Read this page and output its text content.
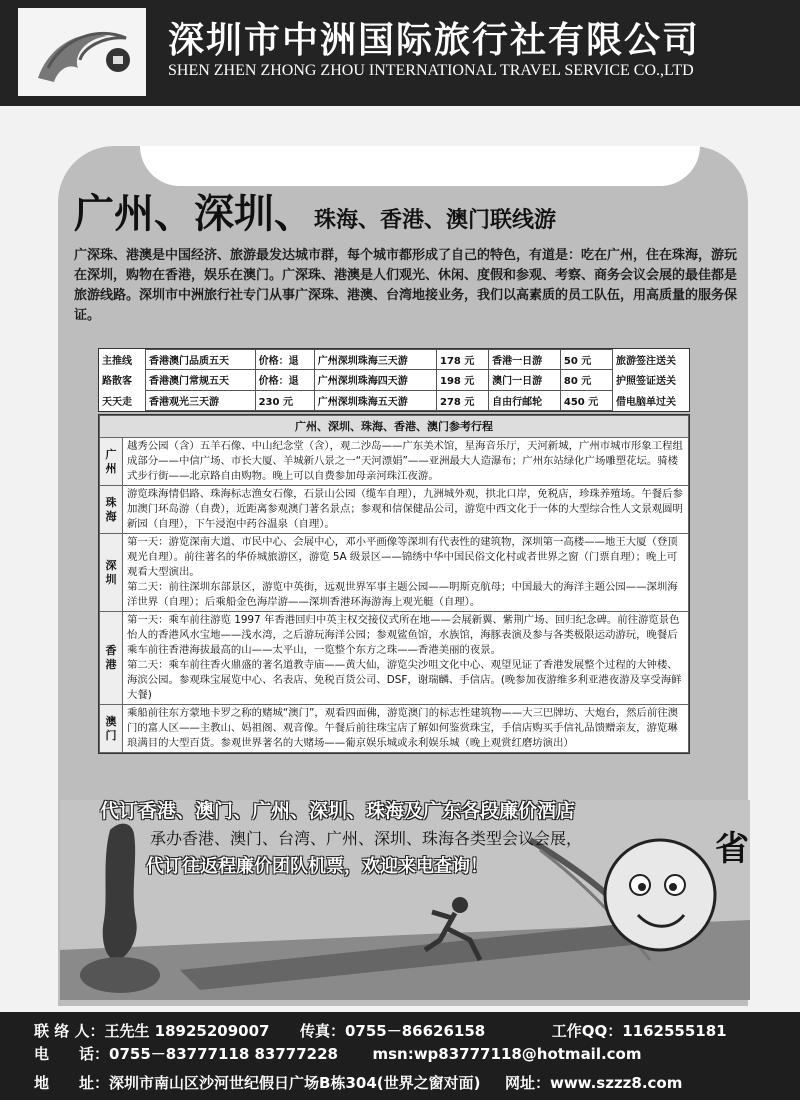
深圳市中洲国际旅行社有限公司
SHEN ZHEN ZHONG ZHOU INTERNATIONAL TRAVEL SERVICE CO.,LTD
广州、深圳、珠海、香港、澳门联线游

广深珠、港澳是中国经济、旅游最发达城市群，每个城市都形成了自己的特色，有道是：吃在广州，住在珠海，游玩在深圳，购物在香港，娱乐在澳门。广深珠、港澳是人们观光、休闲、度假和参观、考察、商务会议会展的最佳都是旅游线路。深圳市中洲旅行社专门从事广深珠、港澳、台湾地接业务，我们以高素质的员工队伍，用高质量的服务保证。

主推线	香港澳门品质五天	价格：退	广州深圳珠海三天游	178 元	香港一日游	50 元	旅游签注送关
路散客	香港澳门常规五天	价格：退	广州深圳珠海四天游	198 元	澳门一日游	80 元	护照签证送关
天天走	香港观光三天游	230 元	广州深圳珠海五天游	278 元	自由行邮轮	450 元	借电脑单过关
广州、深圳、珠海、香港、澳门参考行程	
广州	越秀公园（含）五羊石像、中山纪念堂（含），观二沙岛——广东美术馆，星海音乐厅，天河新城，广州市城市形象工程组成部分——中信广场、市长大厦、羊城新八景之一“天河漂娟”——亚洲最大人造瀑布；广州东站绿化广场雕塑花坛。骑楼式步行街——北京路自由购物。晚上可以自费参加母亲河珠江夜游。

珠海	游览珠海情侣路、珠海标志渔女石像，石景山公园（缆车自理），九洲城外观，拱北口岸，免税店，珍珠养殖场。午餐后参加澳门环岛游（自费），近距离参观澳门著名景点；参观和信保健品公司，游览中西文化于一体的大型综合性人文景观圆明新园（自理），下午浸泡中药谷温泉（自理）。

深圳	第一天：游览深南大道、市民中心、会展中心，邓小平画像等深圳有代表性的建筑物，深圳第一高楼——地王大厦（登顶观光自理）。前往著名的华侨城旅游区，游览 5A 级景区——锦绣中华中国民俗文化村或者世界之窗（门票自理）；晚上可观看大型演出。

第二天：前往深圳东部景区，游览中英街，远观世界军事主题公园——明斯克航母；中国最大的海洋主题公园——深圳海洋世界（自理）；后乘船金色海岸游——深圳香港环海游海上观光艇（自理）。

香港	第一天：乘车前往游览 1997 年香港回归中英主权交接仪式所在地——会展新翼、紫荆广场、回归纪念碑。前往游览景色怡人的香港风水宝地——浅水湾，之后游玩海洋公园；参观鲨鱼馆，水族馆，海豚表演及参与各类极限运动游玩，晚餐后乘车前往香港海拔最高的山——太平山，一览整个东方之珠——香港美丽的夜景。

第二天：乘车前往香火鼎盛的著名道教寺庙——黄大仙，游览尖沙咀文化中心、观望见证了香港发展整个过程的大钟楼、海滨公园。参观珠宝展览中心、名表店、免税百货公司、DSF，谢瑞麟、手信店。(晚参加夜游维多利亚港夜游及享受海鲜大餐)

澳门	乘船前往东方蒙地卡罗之称的赌城“澳门”，观看四面佛，游览澳门的标志性建筑物——大三巴牌坊、大炮台，然后前往澳门的富人区——主教山、妈祖阁、观音像。午餐后前往珠宝店了解如何鉴赏珠宝，手信店购买手信礼品馈赠亲友，游览琳琅满目的大型百货。参观世界著名的大赌场——葡京娱乐城或永利娱乐城（晚上观赏红磨坊演出）

省
代订香港、澳门、广州、深圳、珠海及广东各段廉价酒店
承办香港、澳门、台湾、广州、深圳、珠海各类型会议会展，
代订往返程廉价团队机票，欢迎来电查询！
联 络 人：王先生 18925209007 传真：0755－86626158	工作QQ：1162555181
电　　话：0755－83777118 83777228 msn:wp83777118@hotmail.com
地　　址：深圳市南山区沙河世纪假日广场B栋304(世界之窗对面) 网址：www.szzz8.com
